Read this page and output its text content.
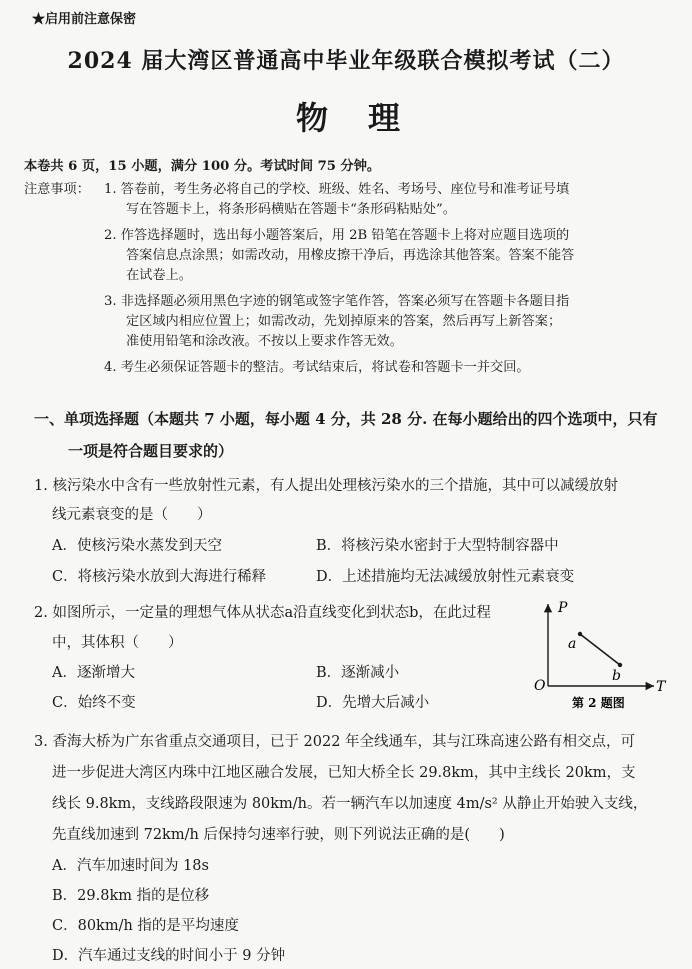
★启用前注意保密
2024 届大湾区普通高中毕业年级联合模拟考试（二）
物理
本卷共 6 页，15 小题，满分 100 分。考试时间 75 分钟。
注意事项： 1. 答卷前，考生务必将自己的学校、班级、姓名、考场号、座位号和准考证号填
写在答题卡上，将条形码横贴在答题卡“条形码粘贴处”。
2. 作答选择题时，选出每小题答案后，用 2B 铅笔在答题卡上将对应题目选项的
答案信息点涂黑；如需改动，用橡皮擦干净后，再选涂其他答案。答案不能答
在试卷上。
3. 非选择题必须用黑色字迹的钢笔或签字笔作答，答案必须写在答题卡各题目指
定区域内相应位置上；如需改动，先划掉原来的答案，然后再写上新答案；
准使用铅笔和涂改液。不按以上要求作答无效。
4. 考生必须保证答题卡的整洁。考试结束后，将试卷和答题卡一并交回。
一、单项选择题（本题共 7 小题，每小题 4 分，共 28 分. 在每小题给出的四个选项中，只有
一项是符合题目要求的）
1. 核污染水中含有一些放射性元素，有人提出处理核污染水的三个措施，其中可以减缓放射
线元素衰变的是（　　）
A．使核污染水蒸发到天空	B．将核污染水密封于大型特制容器中
C．将核污染水放到大海进行稀释	D．上述措施均无法减缓放射性元素衰变
2. 如图所示，一定量的理想气体从状态a沿直线变化到状态b，在此过程
中，其体积（　　）
A．逐渐增大	B．逐渐减小
C．始终不变	D．先增大后减小
P
T
O
a
b
第 2 题图
3. 香海大桥为广东省重点交通项目，已于 2022 年全线通车，其与江珠高速公路有相交点，可
进一步促进大湾区内珠中江地区融合发展，已知大桥全长 29.8km，其中主线长 20km，支
线长 9.8km，支线路段限速为 80km/h。若一辆汽车以加速度 4m/s² 从静止开始驶入支线，
先直线加速到 72km/h 后保持匀速率行驶，则下列说法正确的是(　　)
A．汽车加速时间为 18s
B．29.8km 指的是位移
C．80km/h 指的是平均速度
D．汽车通过支线的时间小于 9 分钟
